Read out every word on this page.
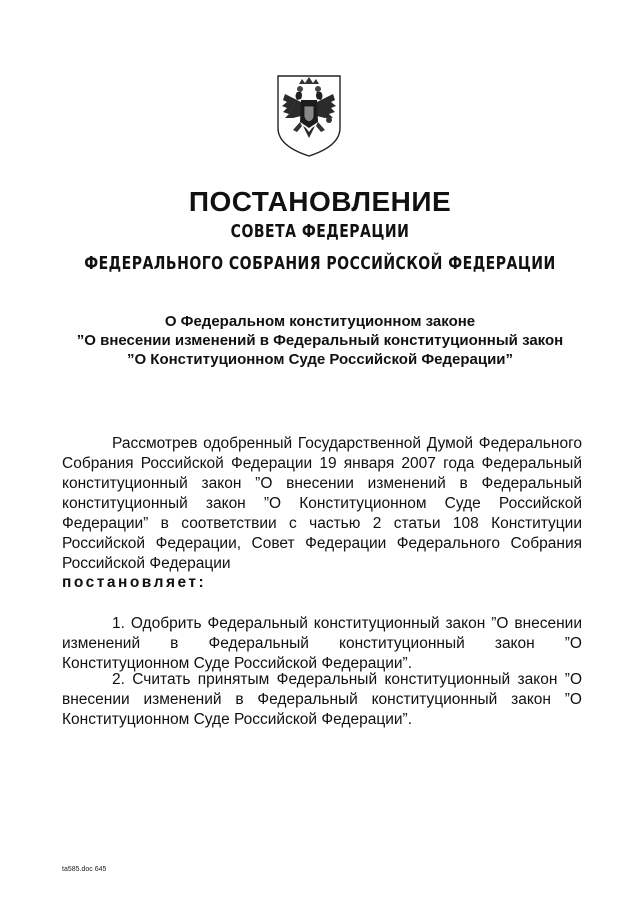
ПОСТАНОВЛЕНИЕ
СОВЕТА ФЕДЕРАЦИИ
ФЕДЕРАЛЬНОГО СОБРАНИЯ РОССИЙСКОЙ ФЕДЕРАЦИИ
О Федеральном конституционном законе
”О внесении изменений в Федеральный конституционный закон
”О Конституционном Суде Российской Федерации”

Рассмотрев одобренный Государственной Думой Федерального Собрания Российской Федерации 19 января 2007 года Федеральный конституционный закон ”О внесении изменений в Федеральный конституционный закон ”О Конституционном Суде Российской Федерации” в соответствии с частью 2 статьи 108 Конституции Российской Федерации, Совет Федерации Федерального Собрания Российской Федерации

постановляет:

1. Одобрить Федеральный конституционный закон ”О внесении изменений в Федеральный конституционный закон ”О Конституционном Суде Российской Федерации”.

2. Считать принятым Федеральный конституционный закон ”О внесении изменений в Федеральный конституционный закон ”О Конституционном Суде Российской Федерации”.

ta585.doc 645
